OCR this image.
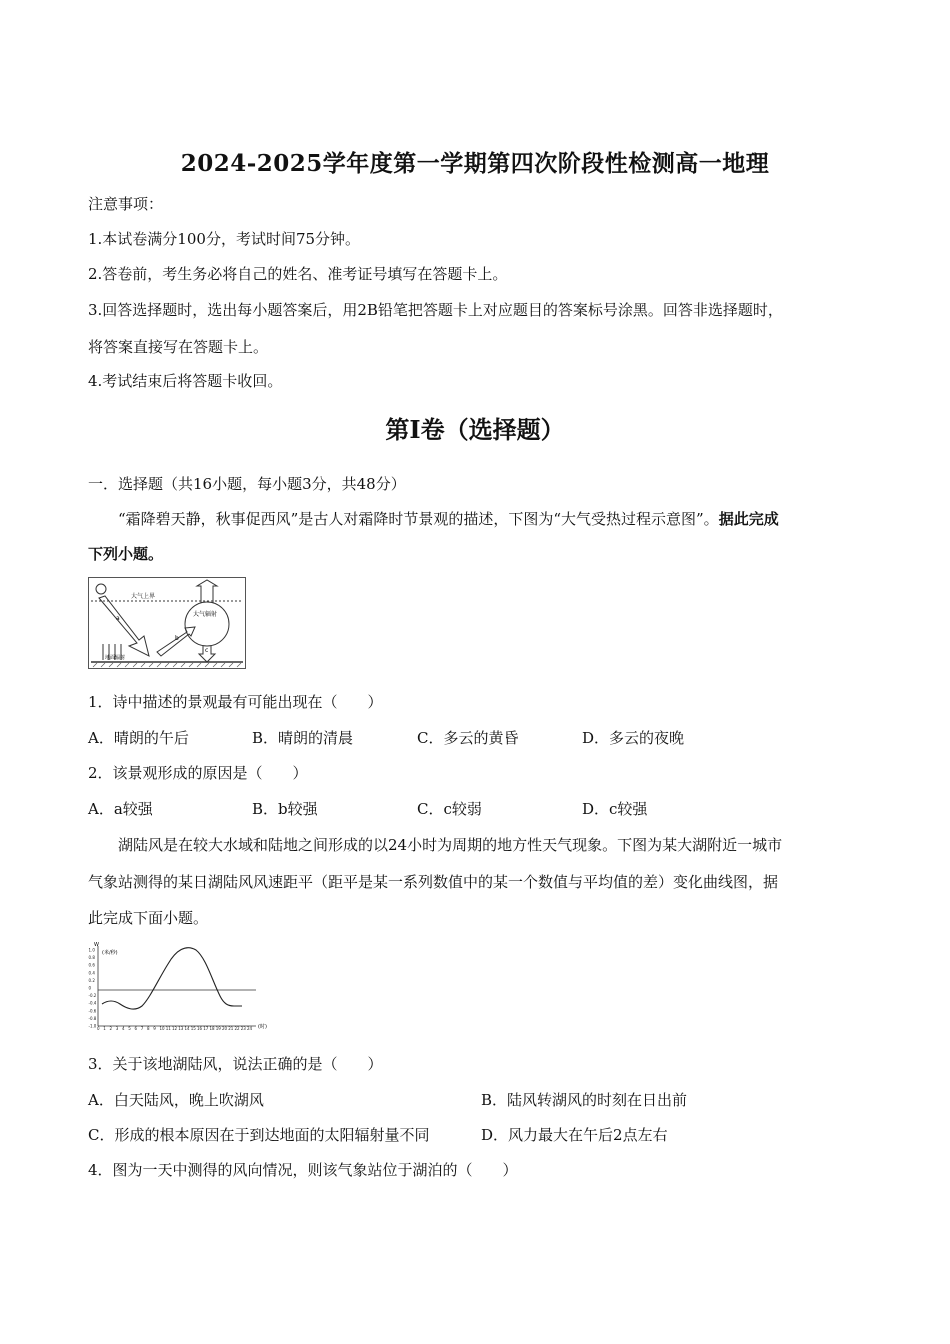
2024-2025学年度第一学期第四次阶段性检测高一地理
注意事项：
1.本试卷满分100分，考试时间75分钟。
2.答卷前，考生务必将自己的姓名、准考证号填写在答题卡上。
3.回答选择题时，选出每小题答案后，用2B铅笔把答题卡上对应题目的答案标号涂黑。回答非选择题时，
将答案直接写在答题卡上。
4.考试结束后将答题卡收回。
第Ⅰ卷（选择题）
一．选择题（共16小题，每小题3分，共48分）
“霜降碧天静，秋事促西风”是古人对霜降时节景观的描述，下图为“大气受热过程示意图”。据此完成
下列小题。
大气上界
a
大气辐射
b
c
地面辐射
1．诗中描述的景观最有可能出现在（　　）
A．晴朗的午后	B．晴朗的清晨	C．多云的黄昏	D．多云的夜晚
2．该景观形成的原因是（　　）
A．a较强	B．b较强	C．c较弱	D．c较强
湖陆风是在较大水域和陆地之间形成的以24小时为周期的地方性天气现象。下图为某大湖附近一城市
气象站测得的某日湖陆风风速距平（距平是某一系列数值中的某一个数值与平均值的差）变化曲线图，据
此完成下面小题。
W
(米/秒)
1.0
0.8
0.6
0.4
0.2
0
-0.2
-0.4
-0.6
-0.8
-1.0 0 1 2 3 4 5 6 7 8 9 10 11 12 13 14 15 16 17 18 19 20 21 22 23 24 (时)
3．关于该地湖陆风，说法正确的是（　　）
A．白天陆风，晚上吹湖风	B．陆风转湖风的时刻在日出前
C．形成的根本原因在于到达地面的太阳辐射量不同	D．风力最大在午后2点左右
4．图为一天中测得的风向情况，则该气象站位于湖泊的（　　）
